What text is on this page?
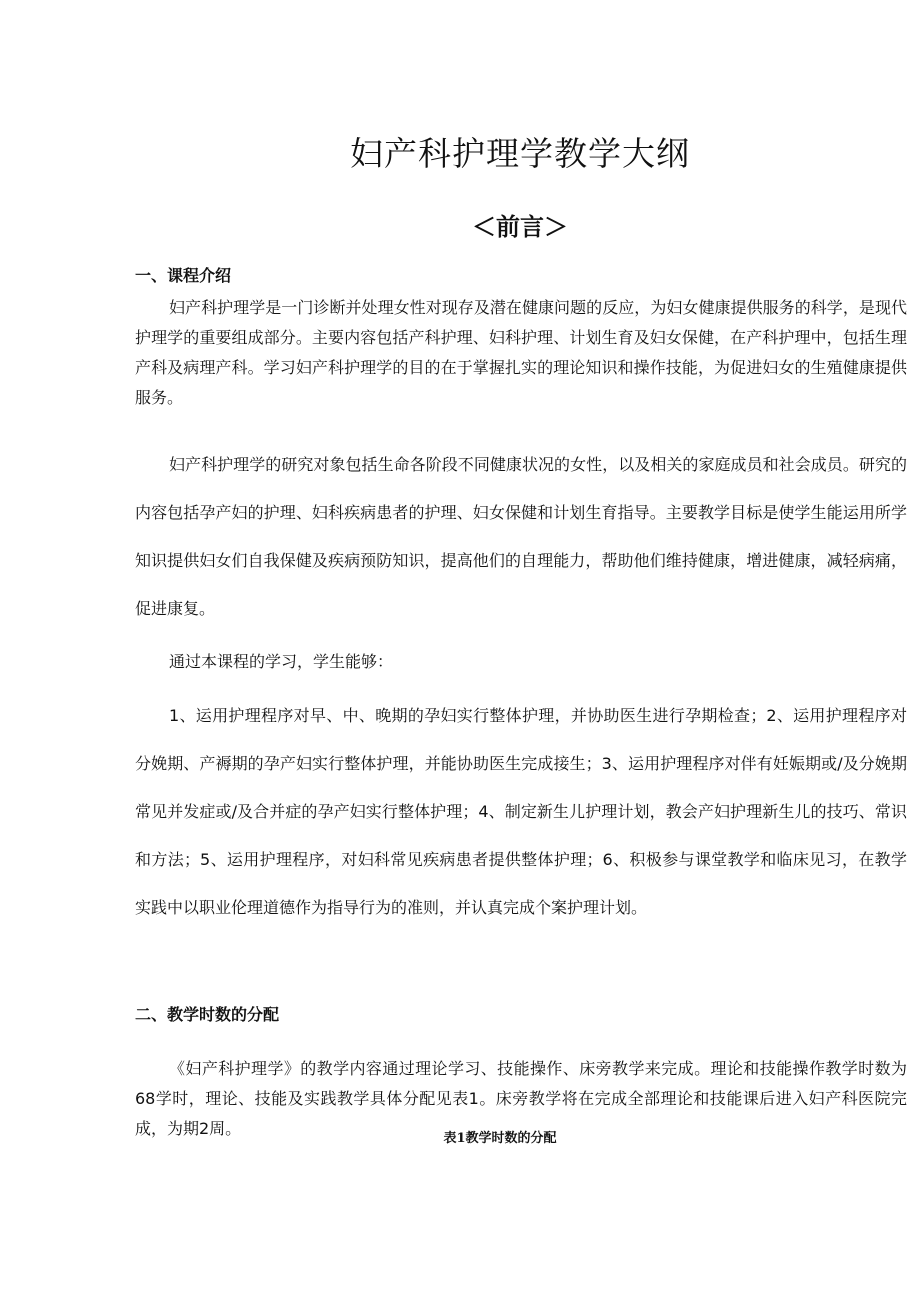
妇产科护理学教学大纲
＜前言＞
一、课程介绍

妇产科护理学是一门诊断并处理女性对现存及潜在健康问题的反应，为妇女健康提供服务的科学，是现代护理学的重要组成部分。主要内容包括产科护理、妇科护理、计划生育及妇女保健，在产科护理中，包括生理产科及病理产科。学习妇产科护理学的目的在于掌握扎实的理论知识和操作技能，为促进妇女的生殖健康提供服务。

妇产科护理学的研究对象包括生命各阶段不同健康状况的女性，以及相关的家庭成员和社会成员。研究的内容包括孕产妇的护理、妇科疾病患者的护理、妇女保健和计划生育指导。主要教学目标是使学生能运用所学知识提供妇女们自我保健及疾病预防知识，提高他们的自理能力，帮助他们维持健康，增进健康，减轻病痛，促进康复。

通过本课程的学习，学生能够：

1、运用护理程序对早、中、晚期的孕妇实行整体护理，并协助医生进行孕期检查；2、运用护理程序对分娩期、产褥期的孕产妇实行整体护理，并能协助医生完成接生；3、运用护理程序对伴有妊娠期或/及分娩期常见并发症或/及合并症的孕产妇实行整体护理；4、制定新生儿护理计划，教会产妇护理新生儿的技巧、常识和方法；5、运用护理程序，对妇科常见疾病患者提供整体护理；6、积极参与课堂教学和临床见习，在教学实践中以职业伦理道德作为指导行为的准则，并认真完成个案护理计划。

二、教学时数的分配

《妇产科护理学》的教学内容通过理论学习、技能操作、床旁教学来完成。理论和技能操作教学时数为68学时，理论、技能及实践教学具体分配见表1。床旁教学将在完成全部理论和技能课后进入妇产科医院完成，为期2周。

表1教学时数的分配
